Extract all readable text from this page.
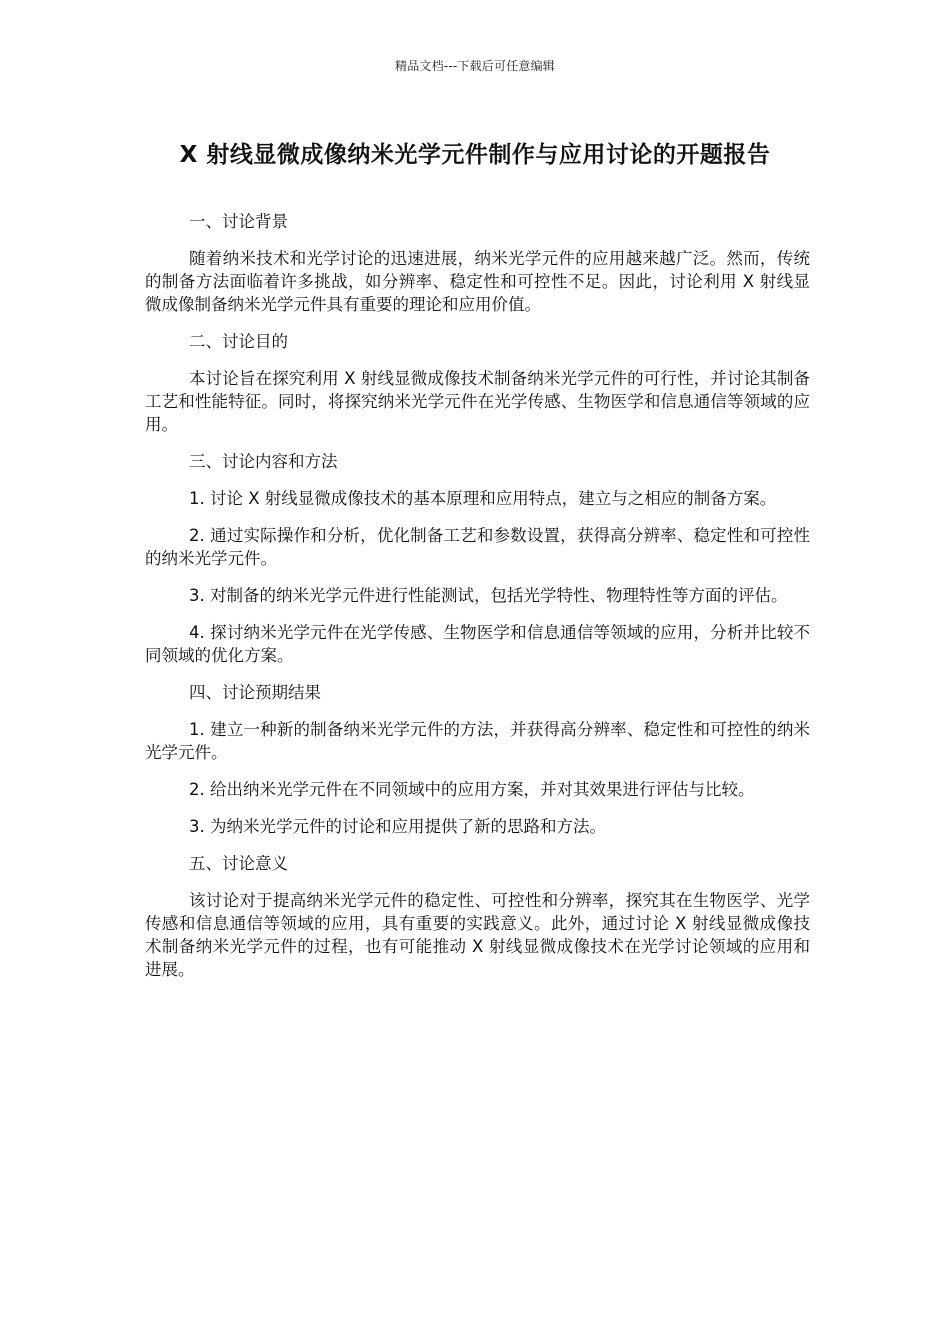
精品文档---下载后可任意编辑
X 射线显微成像纳米光学元件制作与应用讨论的开题报告
一、讨论背景
随着纳米技术和光学讨论的迅速进展，纳米光学元件的应用越来越广泛。然而，传统的制备方法面临着许多挑战，如分辨率、稳定性和可控性不足。因此，讨论利用 X 射线显微成像制备纳米光学元件具有重要的理论和应用价值。
二、讨论目的
本讨论旨在探究利用 X 射线显微成像技术制备纳米光学元件的可行性，并讨论其制备工艺和性能特征。同时，将探究纳米光学元件在光学传感、生物医学和信息通信等领域的应用。
三、讨论内容和方法
1. 讨论 X 射线显微成像技术的基本原理和应用特点，建立与之相应的制备方案。
2. 通过实际操作和分析，优化制备工艺和参数设置，获得高分辨率、稳定性和可控性的纳米光学元件。
3. 对制备的纳米光学元件进行性能测试，包括光学特性、物理特性等方面的评估。
4. 探讨纳米光学元件在光学传感、生物医学和信息通信等领域的应用，分析并比较不同领域的优化方案。
四、讨论预期结果
1. 建立一种新的制备纳米光学元件的方法，并获得高分辨率、稳定性和可控性的纳米光学元件。
2. 给出纳米光学元件在不同领域中的应用方案，并对其效果进行评估与比较。
3. 为纳米光学元件的讨论和应用提供了新的思路和方法。
五、讨论意义
该讨论对于提高纳米光学元件的稳定性、可控性和分辨率，探究其在生物医学、光学传感和信息通信等领域的应用，具有重要的实践意义。此外，通过讨论 X 射线显微成像技术制备纳米光学元件的过程，也有可能推动 X 射线显微成像技术在光学讨论领域的应用和进展。
